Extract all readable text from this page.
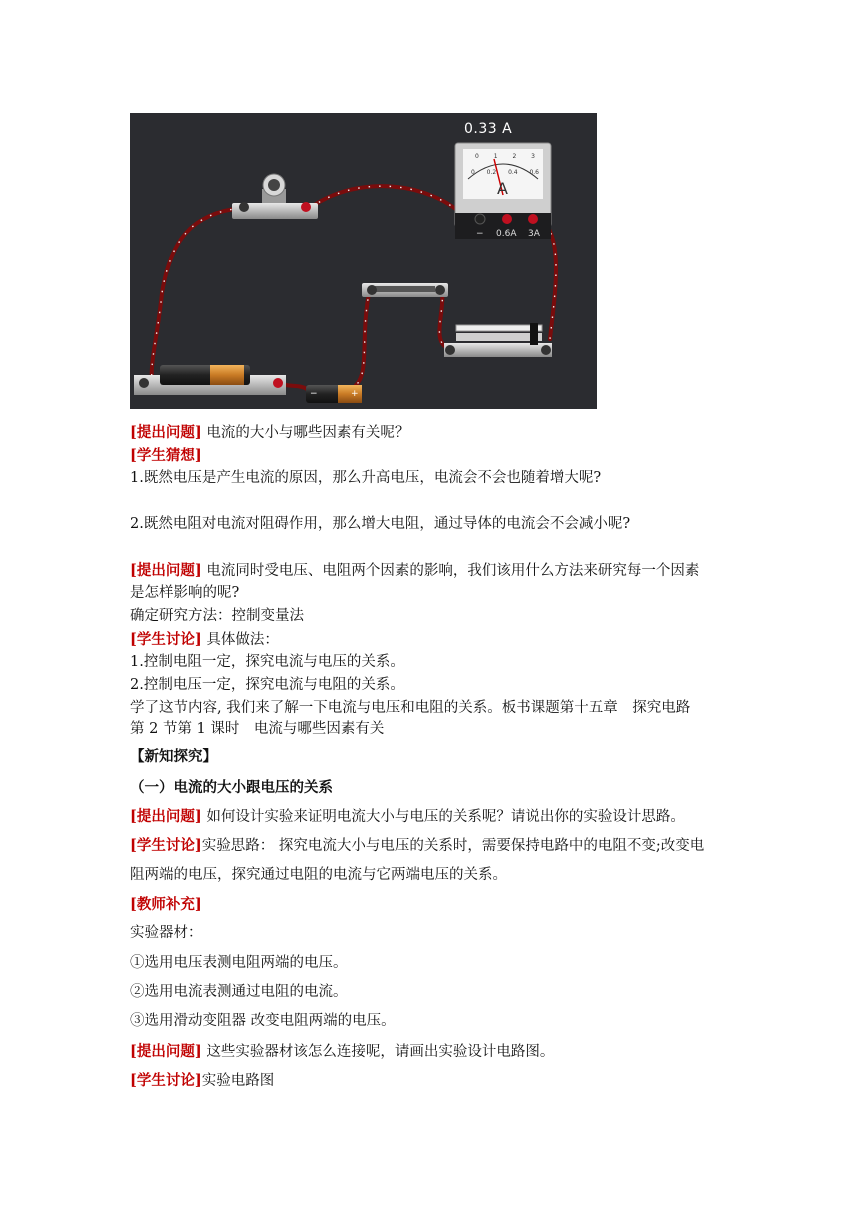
0.33 A
A
− 0.6A 3A
0 1 2 3
0 0.2 0.4 0.6
+
−
[提出问题] 电流的大小与哪些因素有关呢？
[学生猜想]
1.既然电压是产生电流的原因，那么升高电压，电流会不会也随着增大呢?
2.既然电阻对电流对阻碍作用，那么增大电阻，通过导体的电流会不会减小呢?
[提出问题] 电流同时受电压、电阻两个因素的影响，我们该用什么方法来研究每一个因素
是怎样影响的呢?
确定研究方法：控制变量法
[学生讨论] 具体做法：
1.控制电阻一定，探究电流与电压的关系。
2.控制电压一定，探究电流与电阻的关系。
学了这节内容, 我们来了解一下电流与电压和电阻的关系。板书课题第十五章　探究电路
第 2 节第 1 课时　电流与哪些因素有关
【新知探究】
（一）电流的大小跟电压的关系
[提出问题] 如何设计实验来证明电流大小与电压的关系呢？请说出你的实验设计思路。
[学生讨论]实验思路： 探究电流大小与电压的关系时，需要保持电路中的电阻不变;改变电
阻两端的电压，探究通过电阻的电流与它两端电压的关系。
[教师补充]
实验器材：
①选用电压表测电阻两端的电压。
②选用电流表测通过电阻的电流。
③选用滑动变阻器 改变电阻两端的电压。
[提出问题] 这些实验器材该怎么连接呢，请画出实验设计电路图。
[学生讨论]实验电路图
